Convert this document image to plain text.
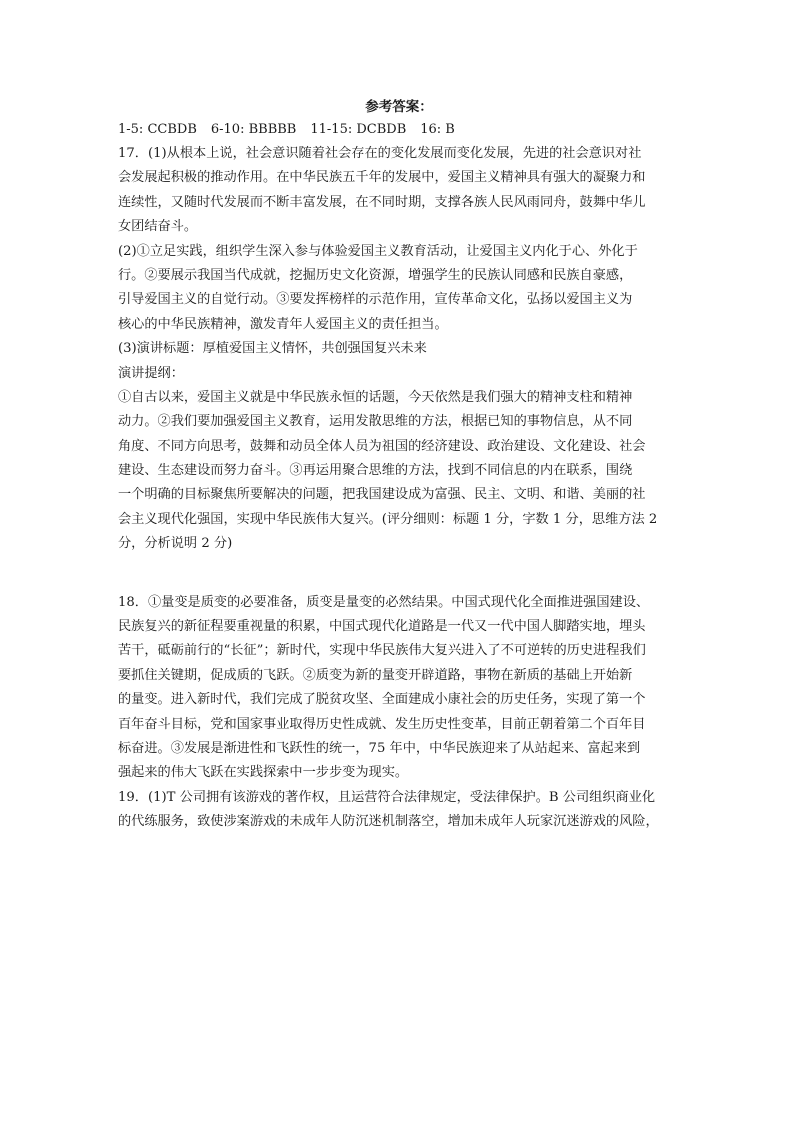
参考答案：

1-5: CCBDB 6-10: BBBBB 11-15: DCBDB 16: B

17．(1)从根本上说，社会意识随着社会存在的变化发展而变化发展，先进的社会意识对社

会发展起积极的推动作用。在中华民族五千年的发展中，爱国主义精神具有强大的凝聚力和

连续性，又随时代发展而不断丰富发展，在不同时期，支撑各族人民风雨同舟，鼓舞中华儿

女团结奋斗。

(2)①立足实践，组织学生深入参与体验爱国主义教育活动，让爱国主义内化于心、外化于

行。②要展示我国当代成就，挖掘历史文化资源，增强学生的民族认同感和民族自豪感，

引导爱国主义的自觉行动。③要发挥榜样的示范作用，宣传革命文化，弘扬以爱国主义为

核心的中华民族精神，激发青年人爱国主义的责任担当。

(3)演讲标题：厚植爱国主义情怀，共创强国复兴未来

演讲提纲：

①自古以来，爱国主义就是中华民族永恒的话题，今天依然是我们强大的精神支柱和精神

动力。②我们要加强爱国主义教育，运用发散思维的方法，根据已知的事物信息，从不同

角度、不同方向思考，鼓舞和动员全体人员为祖国的经济建设、政治建设、文化建设、社会

建设、生态建设而努力奋斗。③再运用聚合思维的方法，找到不同信息的内在联系，围绕

一个明确的目标聚焦所要解决的问题，把我国建设成为富强、民主、文明、和谐、美丽的社

会主义现代化强国，实现中华民族伟大复兴。(评分细则：标题 1 分，字数 1 分，思维方法 2

分，分析说明 2 分)

18．①量变是质变的必要准备，质变是量变的必然结果。中国式现代化全面推进强国建设、

民族复兴的新征程要重视量的积累，中国式现代化道路是一代又一代中国人脚踏实地，埋头

苦干，砥砺前行的“长征”；新时代，实现中华民族伟大复兴进入了不可逆转的历史进程我们

要抓住关键期，促成质的飞跃。②质变为新的量变开辟道路，事物在新质的基础上开始新

的量变。进入新时代，我们完成了脱贫攻坚、全面建成小康社会的历史任务，实现了第一个

百年奋斗目标，党和国家事业取得历史性成就、发生历史性变革，目前正朝着第二个百年目

标奋进。③发展是渐进性和飞跃性的统一，75 年中，中华民族迎来了从站起来、富起来到

强起来的伟大飞跃在实践探索中一步步变为现实。

19．(1)T 公司拥有该游戏的著作权，且运营符合法律规定，受法律保护。B 公司组织商业化

的代练服务，致使涉案游戏的未成年人防沉迷机制落空，增加未成年人玩家沉迷游戏的风险，
